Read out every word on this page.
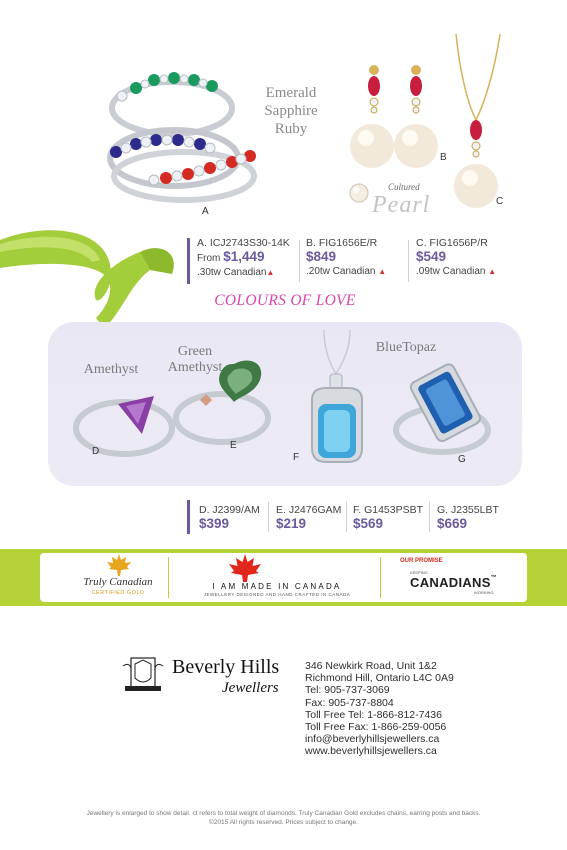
Emerald
Sapphire
Ruby
A
B
C
Cultured
Pearl
A. ICJ2743S30-14K
From $1,449
.30tw Canadian▲
B. FIG1656E/R
$849
.20tw Canadian ▲
C. FIG1656P/R
$549
.09tw Canadian ▲
COLOURS OF LOVE
Amethyst
Green
Amethyst
BlueTopaz
D
E
F	G
D. J2399/AM
$399
E. J2476GAM
$219
F. G1453PSBT
$569
G. J2355LBT
$669
Truly Canadian
CERTIFIED GOLD
I AM MADE IN CANADA
JEWELLERY DESIGNED AND HAND CRAFTED IN CANADA
OUR PROMISE
KEEPING
CANADIANS™
WORKING
Beverly Hills
Jewellers
346 Newkirk Road, Unit 1&2
Richmond Hill, Ontario L4C 0A9
Tel: 905-737-3069
Fax: 905-737-8804
Toll Free Tel: 1-866-812-7436
Toll Free Fax: 1-866-259-0056
info@beverlyhillsjewellers.ca
www.beverlyhillsjewellers.ca
Jewellery is enlarged to show detail. ct refers to total weight of diamonds. Truly Canadian Gold excludes chains, earring posts and backs.
©2015 All rights reserved. Prices subject to change.
